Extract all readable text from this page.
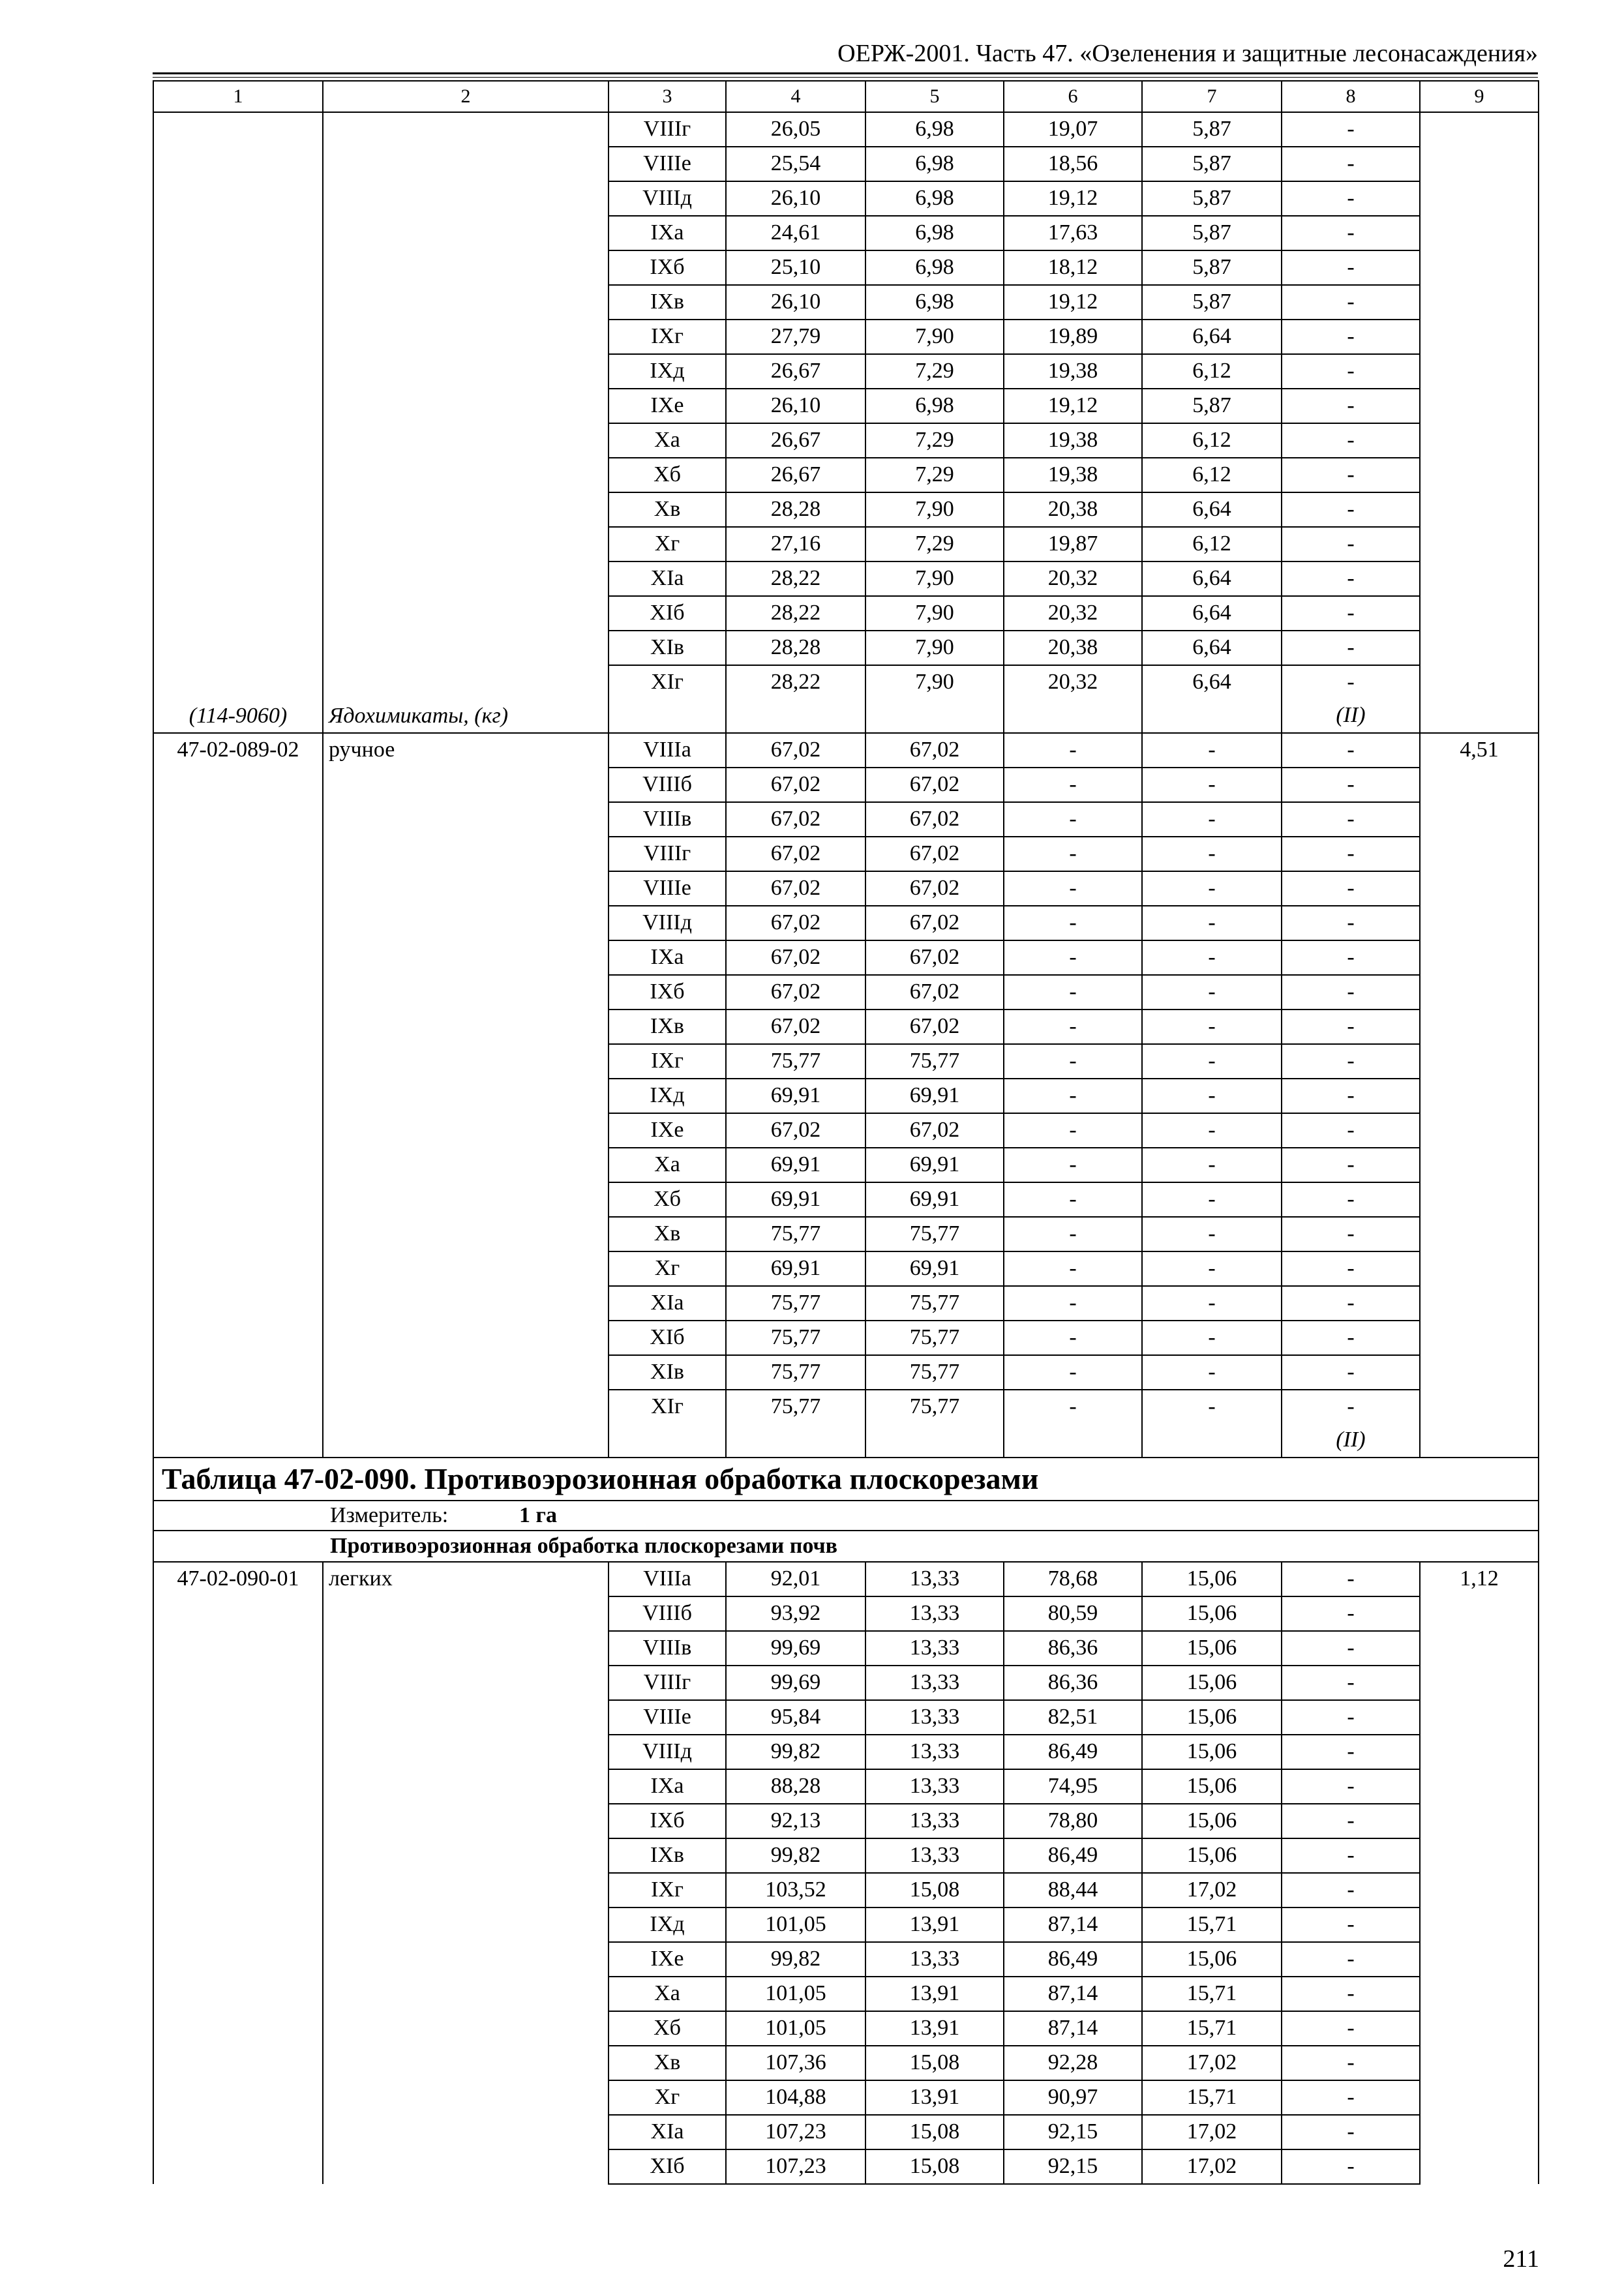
ОЕРЖ-2001. Часть 47. «Озеленения и защитные лесонасаждения»
1	2	3	4	5	6	7	8	9

(114-9060)	Ядохимикаты, (кг)	VIIIг	26,05	6,98	19,07	5,87	-	
		VIIIе	25,54	6,98	18,56	5,87	-	
		VIIIд	26,10	6,98	19,12	5,87	-	
		IXа	24,61	6,98	17,63	5,87	-	
		IXб	25,10	6,98	18,12	5,87	-	
		IXв	26,10	6,98	19,12	5,87	-	
		IXг	27,79	7,90	19,89	6,64	-	
		IXд	26,67	7,29	19,38	6,12	-	
		IXе	26,10	6,98	19,12	5,87	-	
		Xа	26,67	7,29	19,38	6,12	-	
		Xб	26,67	7,29	19,38	6,12	-	
		Xв	28,28	7,90	20,38	6,64	-	
		Xг	27,16	7,29	19,87	6,12	-	
		XIа	28,22	7,90	20,32	6,64	-	
		XIб	28,22	7,90	20,32	6,64	-	
		XIв	28,28	7,90	20,38	6,64	-	
		XIг	28,22	7,90	20,32	6,64	-	
							(II)	
47-02-089-02	ручное	VIIIа	67,02	67,02	-	-	-	4,51
		VIIIб	67,02	67,02	-	-	-	
		VIIIв	67,02	67,02	-	-	-	
		VIIIг	67,02	67,02	-	-	-	
		VIIIе	67,02	67,02	-	-	-	
		VIIIд	67,02	67,02	-	-	-	
		IXа	67,02	67,02	-	-	-	
		IXб	67,02	67,02	-	-	-	
		IXв	67,02	67,02	-	-	-	
		IXг	75,77	75,77	-	-	-	
		IXд	69,91	69,91	-	-	-	
		IXе	67,02	67,02	-	-	-	
		Xа	69,91	69,91	-	-	-	
		Xб	69,91	69,91	-	-	-	
		Xв	75,77	75,77	-	-	-	
		Xг	69,91	69,91	-	-	-	
		XIа	75,77	75,77	-	-	-	
		XIб	75,77	75,77	-	-	-	
		XIв	75,77	75,77	-	-	-	
		XIг	75,77	75,77	-	-	-	
							(II)	
Таблица 47-02-090. Противоэрозионная обработка плоскорезами								
Измеритель: 1 га								
Противоэрозионная обработка плоскорезами почв								
47-02-090-01	легких	VIIIа	92,01	13,33	78,68	15,06	-	1,12
		VIIIб	93,92	13,33	80,59	15,06	-	
		VIIIв	99,69	13,33	86,36	15,06	-	
		VIIIг	99,69	13,33	86,36	15,06	-	
		VIIIе	95,84	13,33	82,51	15,06	-	
		VIIIд	99,82	13,33	86,49	15,06	-	
		IXа	88,28	13,33	74,95	15,06	-	
		IXб	92,13	13,33	78,80	15,06	-	
		IXв	99,82	13,33	86,49	15,06	-	
		IXг	103,52	15,08	88,44	17,02	-	
		IXд	101,05	13,91	87,14	15,71	-	
		IXе	99,82	13,33	86,49	15,06	-	
		Xа	101,05	13,91	87,14	15,71	-	
		Xб	101,05	13,91	87,14	15,71	-	
		Xв	107,36	15,08	92,28	17,02	-	
		Xг	104,88	13,91	90,97	15,71	-	
		XIа	107,23	15,08	92,15	17,02	-	
		XIб	107,23	15,08	92,15	17,02	-	
211
